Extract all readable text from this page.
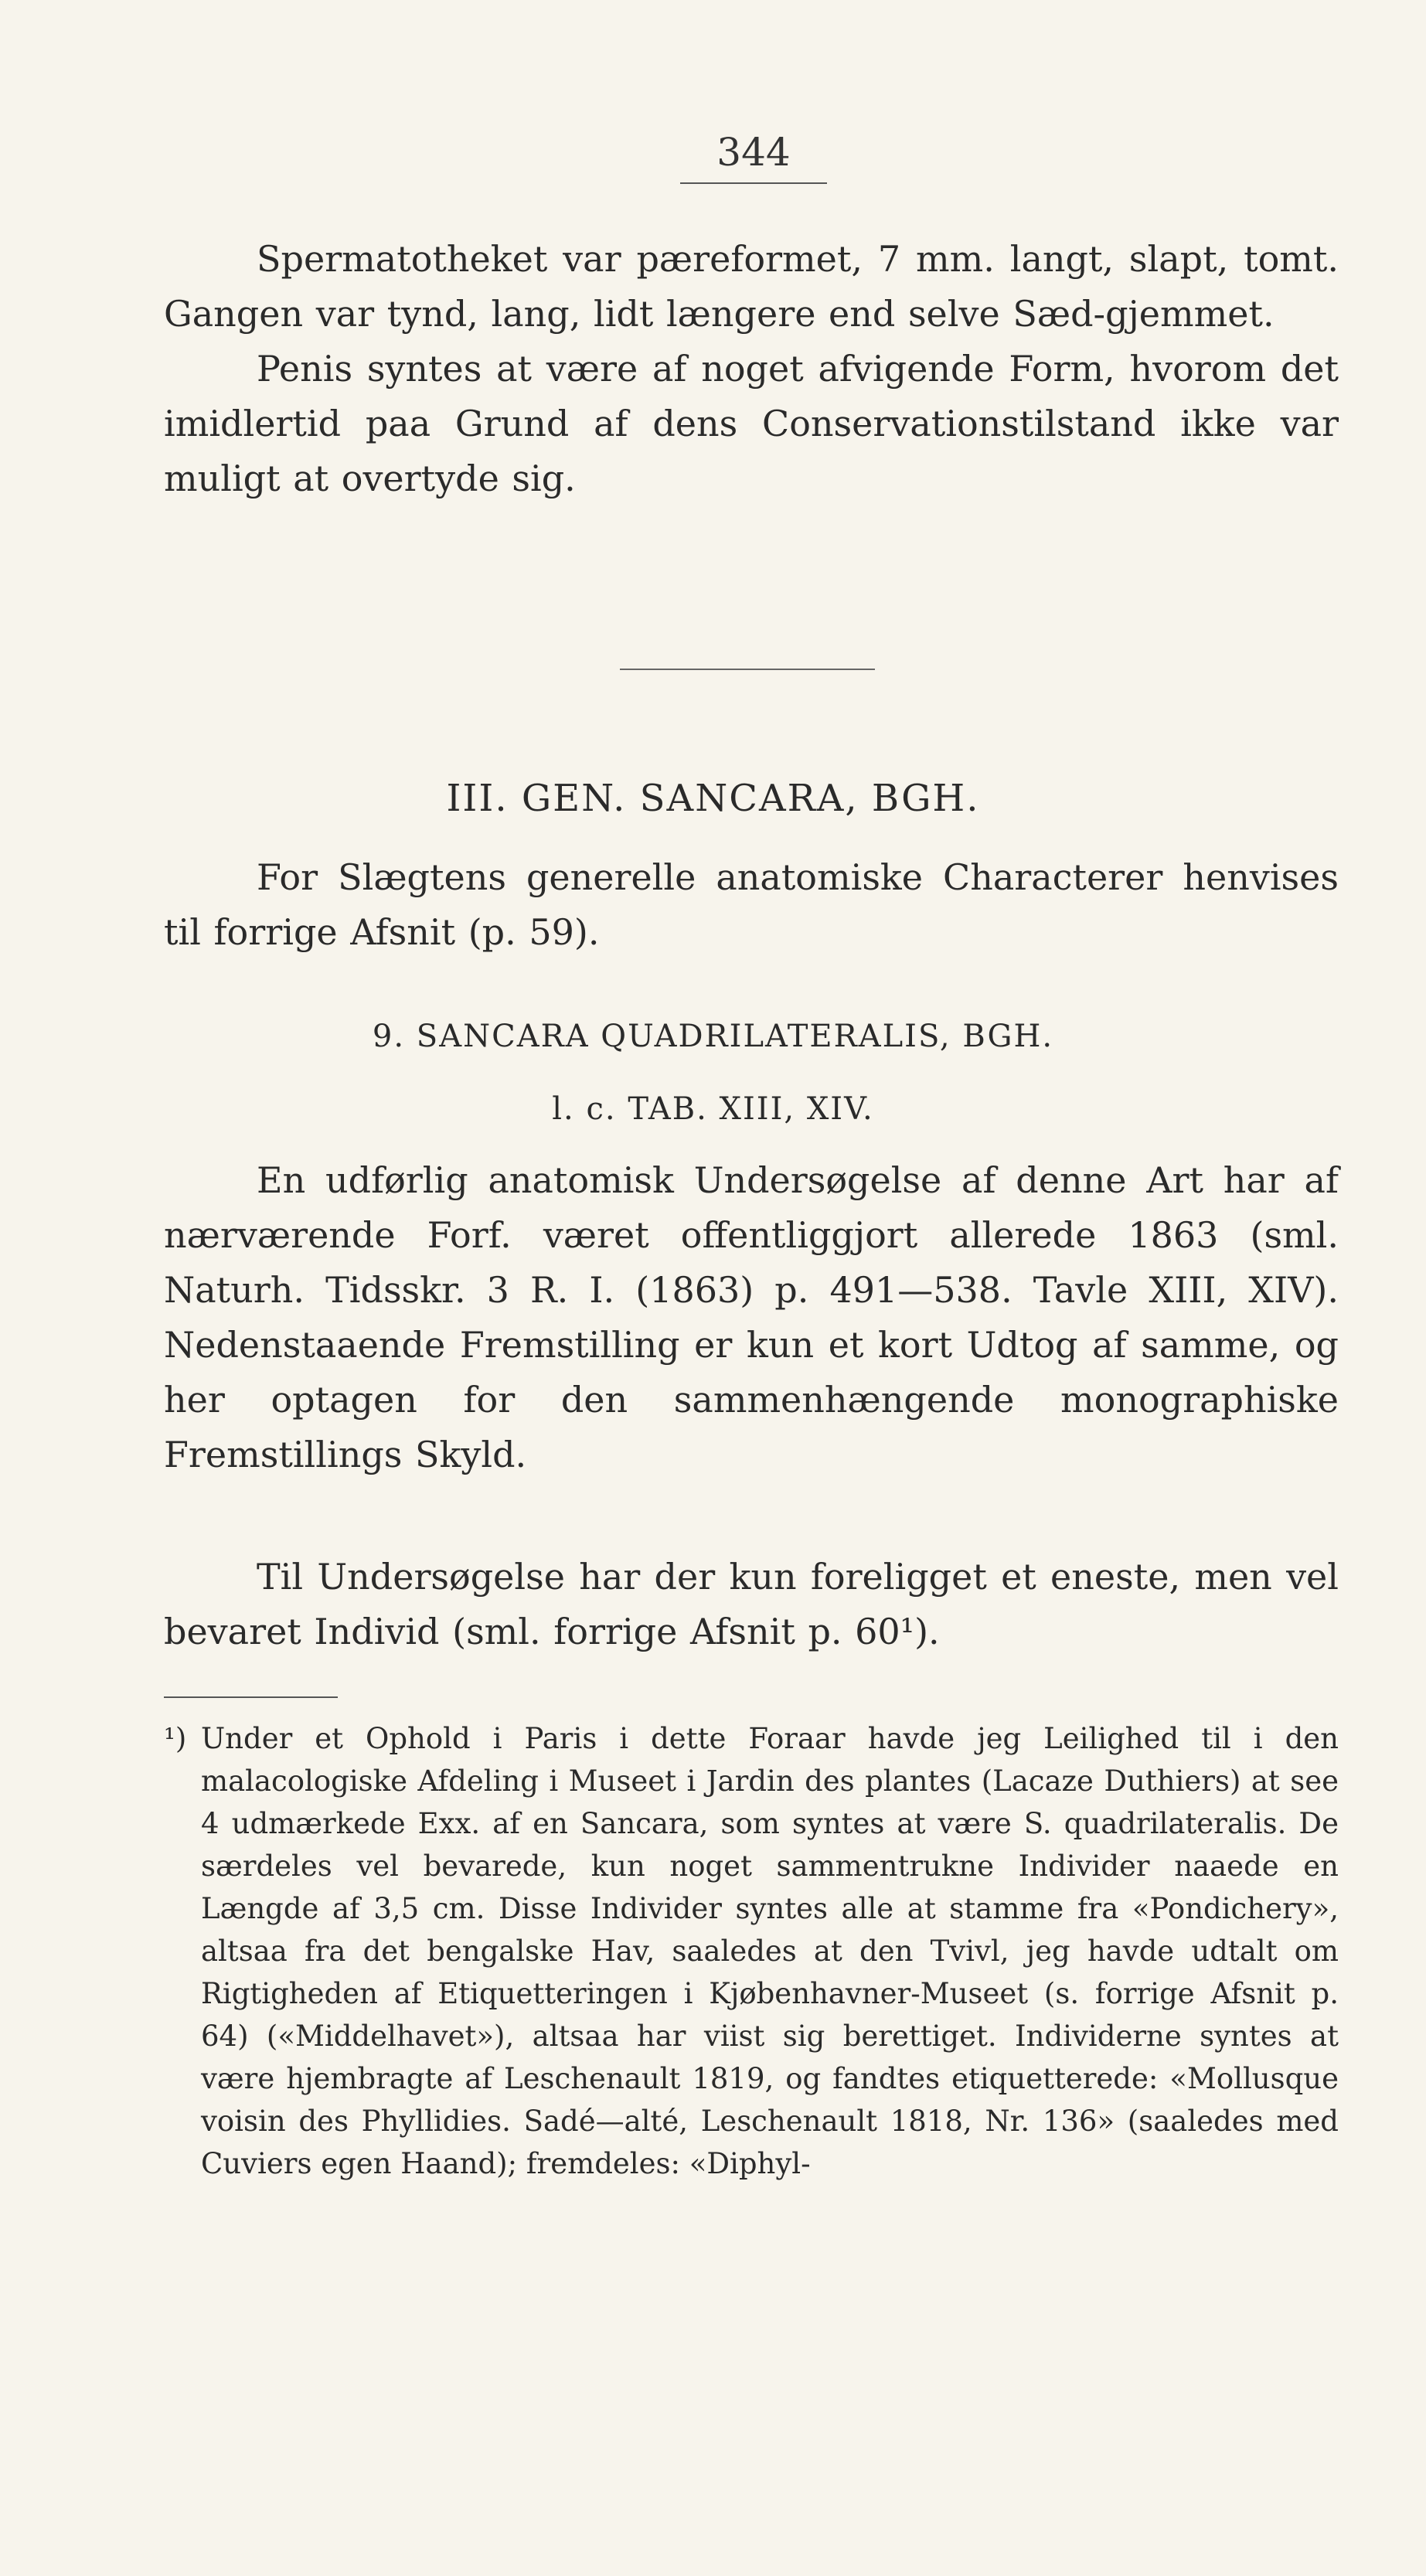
344

Spermatotheket var pæreformet, 7 mm. langt, slapt, tomt. Gangen var tynd, lang, lidt længere end selve Sæd-gjemmet.

Penis syntes at være af noget afvigende Form, hvorom det imidlertid paa Grund af dens Conservationstilstand ikke var muligt at overtyde sig.

III. GEN. SANCARA, BGH.

For Slægtens generelle anatomiske Characterer henvises til forrige Afsnit (p. 59).

9. SANCARA QUADRILATERALIS, BGH.
l. c. TAB. XIII, XIV.

En udførlig anatomisk Undersøgelse af denne Art har af nærværende Forf. været offentliggjort allerede 1863 (sml. Naturh. Tidsskr. 3 R. I. (1863) p. 491—538. Tavle XIII, XIV). Nedenstaaende Fremstilling er kun et kort Udtog af samme, og her optagen for den sammenhængende monographiske Fremstillings Skyld.

Til Undersøgelse har der kun foreligget et eneste, men vel bevaret Individ (sml. forrige Afsnit p. 60¹).

¹) Under et Ophold i Paris i dette Foraar havde jeg Leilighed til i den malacologiske Afdeling i Museet i Jardin des plantes (Lacaze Duthiers) at see 4 udmærkede Exx. af en Sancara, som syntes at være S. quadrilateralis. De særdeles vel bevarede, kun noget sammentrukne Individer naaede en Længde af 3,5 cm. Disse Individer syntes alle at stamme fra «Pondichery», altsaa fra det bengalske Hav, saaledes at den Tvivl, jeg havde udtalt om Rigtigheden af Etiquetteringen i Kjøbenhavner-Museet (s. forrige Afsnit p. 64) («Middelhavet»), altsaa har viist sig berettiget. Individerne syntes at være hjembragte af Leschenault 1819, og fandtes etiquetterede: «Mollusque voisin des Phyllidies. Sadé—alté, Leschenault 1818, Nr. 136» (saaledes med Cuviers egen Haand); fremdeles: «Diphyl-
